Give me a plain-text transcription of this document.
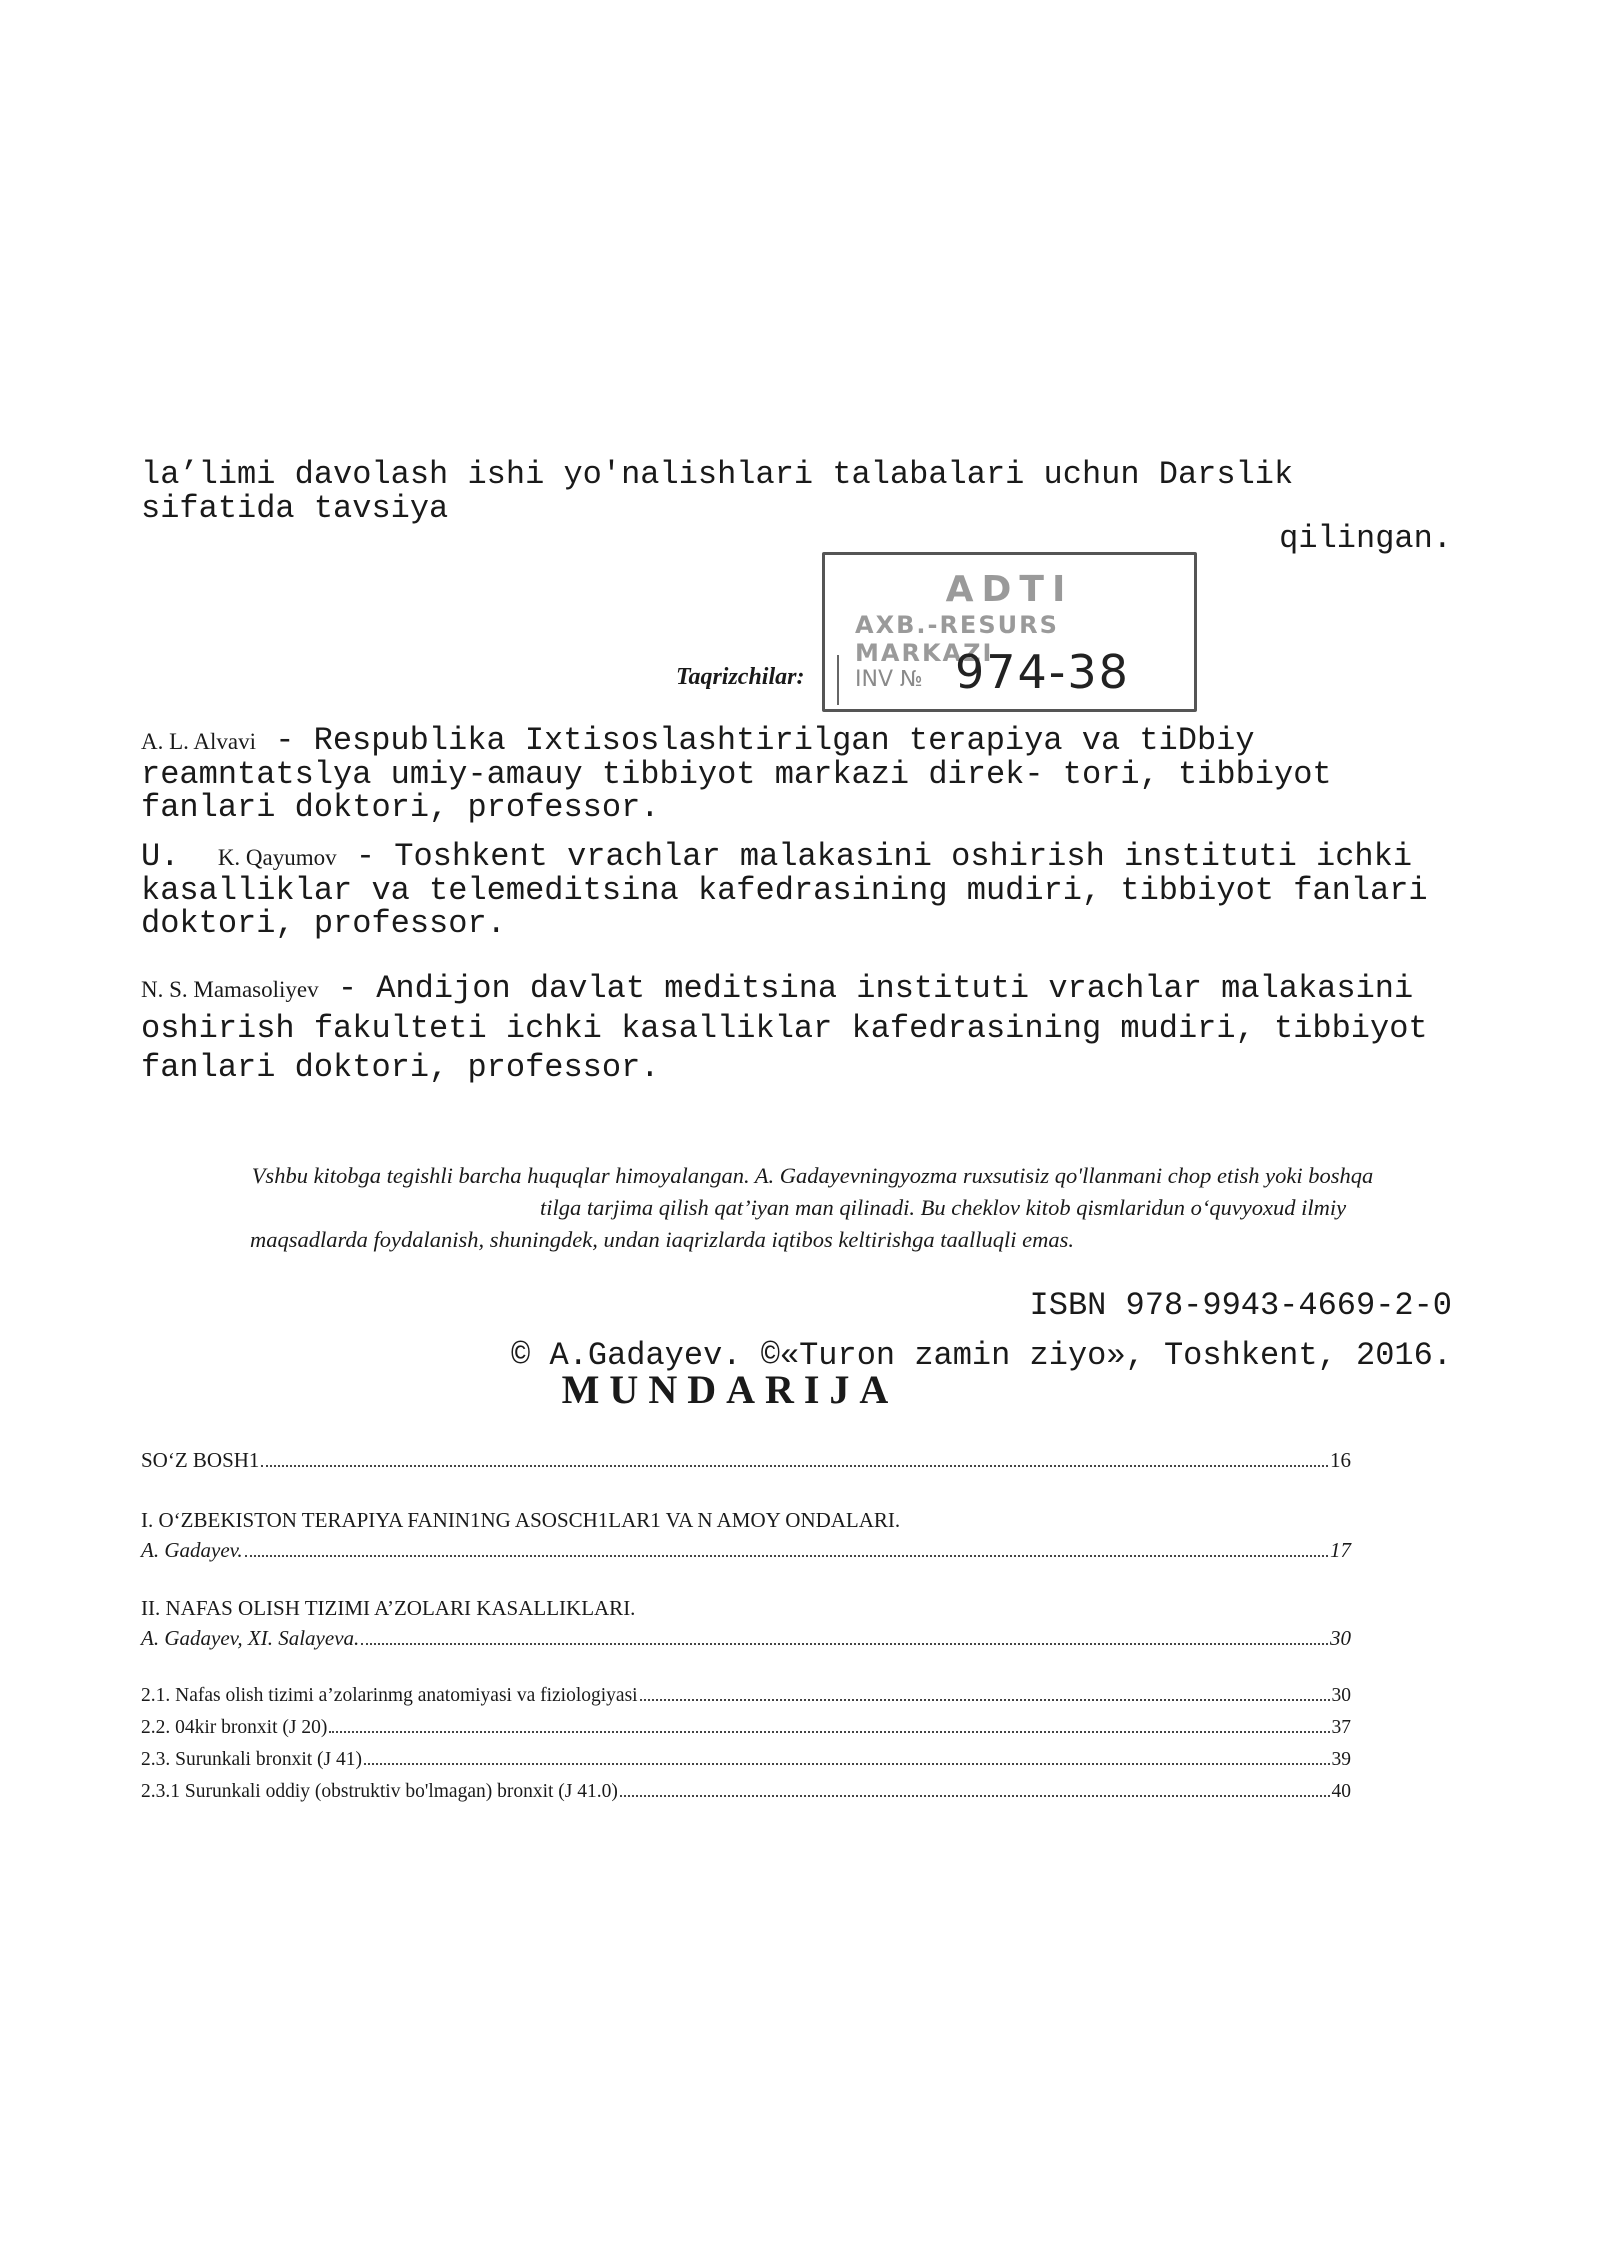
la’limi davolash ishi yo'nalishlari talabalari uchun Darslik
sifatida tavsiya
qilingan.
ADTI
AXB.-RESURS MARKAZI
INV № 974-38
Taqrizchilar:
A. L. Alvavi - Respublika Ixtisoslashtirilgan terapiya va tiDbiy reamntatslya umiy-amauy tibbiyot markazi direk- tori, tibbiyot fanlari doktori, professor.
U. K. Qayumov - Toshkent vrachlar malakasini oshirish instituti ichki kasalliklar va telemeditsina kafedrasining mudiri, tibbiyot fanlari doktori, professor.
N. S. Mamasoliyev - Andijon davlat meditsina instituti vrachlar malakasini oshirish fakulteti ichki kasalliklar kafedrasining mudiri, tibbiyot fanlari doktori, professor.
Vshbu kitobga tegishli barcha huquqlar himoyalangan. A. Gadayevningyozma ruxsutisiz qo'llanmani chop etish yoki boshqa
tilga tarjima qilish qat’iyan man qilinadi. Bu cheklov kitob qismlaridun o‘quvyoxud ilmiy
maqsadlarda foydalanish, shuningdek, undan iaqrizlarda iqtibos keltirishga taalluqli emas.
ISBN 978-9943-4669-2-0
© A.Gadayev. ©«Turon zamin ziyo», Toshkent, 2016.
MUNDARIJA
SO‘Z BOSH1	16
I. OʻZBEKISTON TERAPIYA FANIN1NG ASOSCH1LAR1 VA N AMOY ONDALARI.
A. Gadayev.	17
II. NAFAS OLISH TIZIMI A’ZOLARI KASALLIKLARI.
A. Gadayev, XI. Salayeva.	30
2.1. Nafas olish tizimi a’zolarinmg anatomiyasi va fiziologiyasi	30
2.2. 04kir bronxit (J 20)	37
2.3. Surunkali bronxit (J 41)	39
2.3.1 Surunkali oddiy (obstruktiv bo'lmagan) bronxit (J 41.0)	40
